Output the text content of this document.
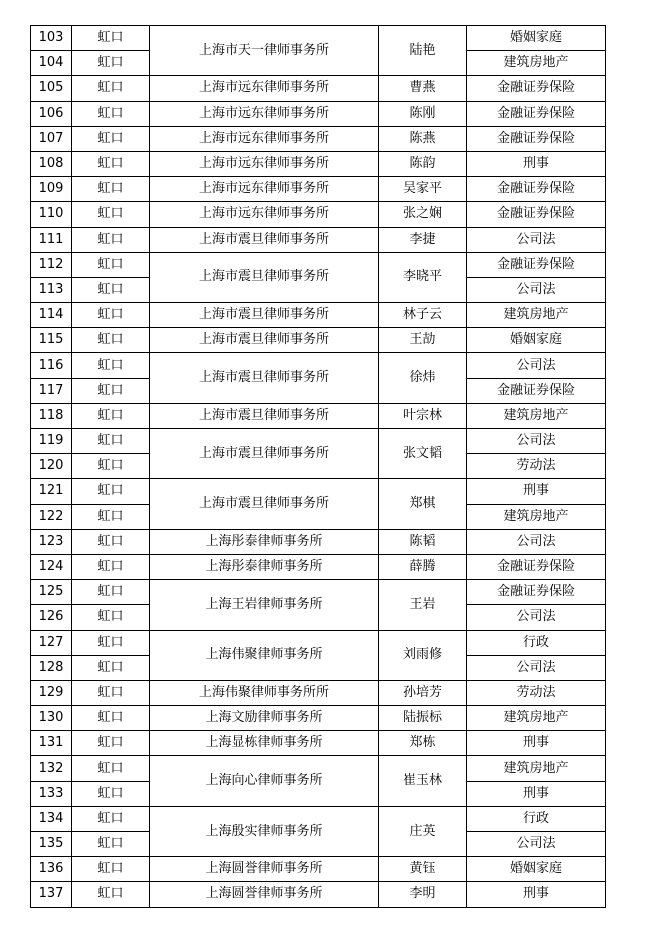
103	虹口	上海市天一律师事务所	陆艳	婚姻家庭
104	虹口			建筑房地产
105	虹口	上海市远东律师事务所	曹燕	金融证券保险
106	虹口	上海市远东律师事务所	陈刚	金融证券保险
107	虹口	上海市远东律师事务所	陈燕	金融证券保险
108	虹口	上海市远东律师事务所	陈韵	刑事
109	虹口	上海市远东律师事务所	吴家平	金融证券保险
110	虹口	上海市远东律师事务所	张之娴	金融证券保险
111	虹口	上海市震旦律师事务所	李捷	公司法
112	虹口	上海市震旦律师事务所	李晓平	金融证券保险
113	虹口			公司法
114	虹口	上海市震旦律师事务所	林子云	建筑房地产
115	虹口	上海市震旦律师事务所	王劼	婚姻家庭
116	虹口	上海市震旦律师事务所	徐炜	公司法
117	虹口			金融证券保险
118	虹口	上海市震旦律师事务所	叶宗林	建筑房地产
119	虹口	上海市震旦律师事务所	张文韬	公司法
120	虹口			劳动法
121	虹口	上海市震旦律师事务所	郑棋	刑事
122	虹口			建筑房地产
123	虹口	上海彤泰律师事务所	陈韬	公司法
124	虹口	上海彤泰律师事务所	薛腾	金融证券保险
125	虹口	上海王岩律师事务所	王岩	金融证券保险
126	虹口			公司法
127	虹口	上海伟聚律师事务所	刘雨修	行政
128	虹口			公司法
129	虹口	上海伟聚律师事务所所	孙培芳	劳动法
130	虹口	上海文励律师事务所	陆振标	建筑房地产
131	虹口	上海显栋律师事务所	郑栋	刑事
132	虹口	上海向心律师事务所	崔玉林	建筑房地产
133	虹口			刑事
134	虹口	上海殷实律师事务所	庄英	行政
135	虹口			公司法
136	虹口	上海圆誉律师事务所	黄钰	婚姻家庭
137	虹口	上海圆誉律师事务所	李明	刑事
